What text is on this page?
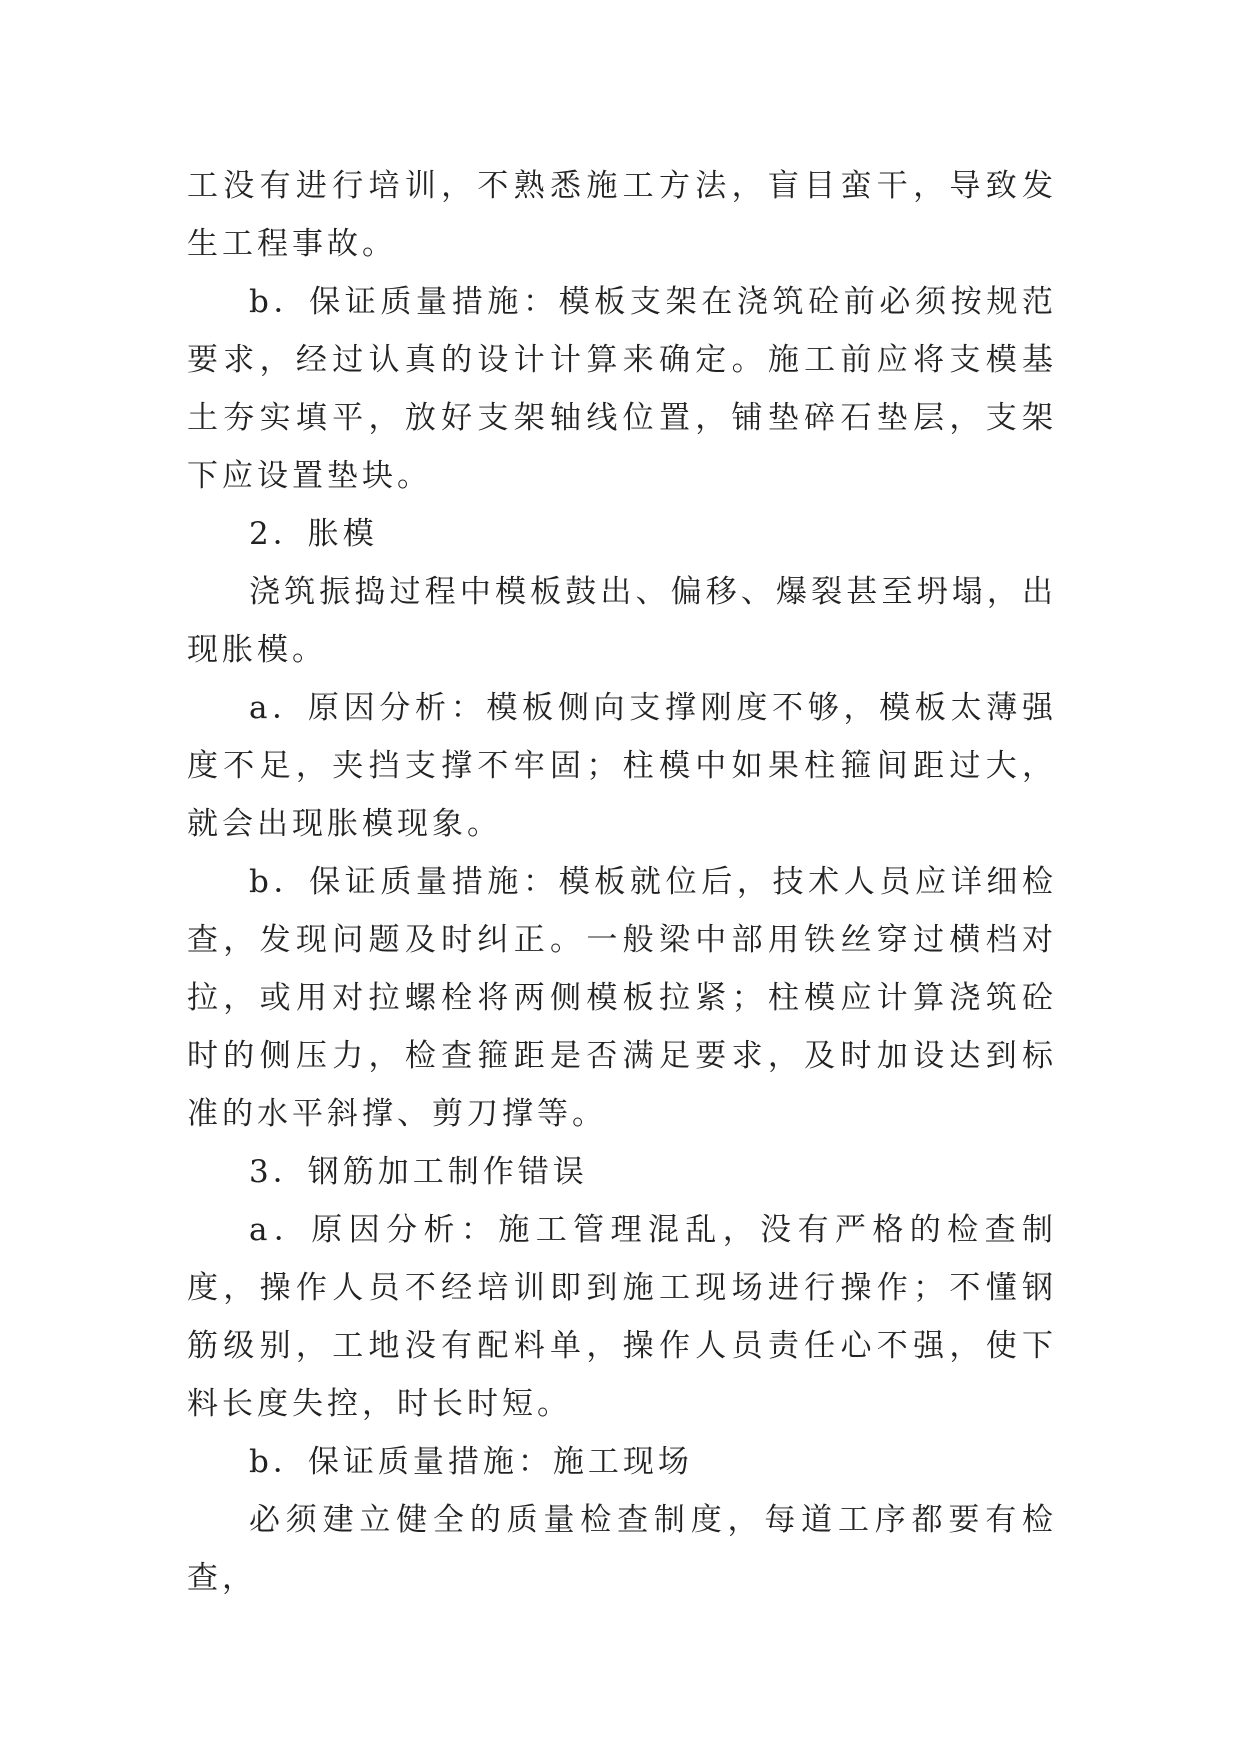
工没有进行培训，不熟悉施工方法，盲目蛮干，导致发生工程事故。

b．保证质量措施：模板支架在浇筑砼前必须按规范要求，经过认真的设计计算来确定。施工前应将支模基土夯实填平，放好支架轴线位置，铺垫碎石垫层，支架下应设置垫块。

2．胀模

浇筑振捣过程中模板鼓出、偏移、爆裂甚至坍塌，出现胀模。

a．原因分析：模板侧向支撑刚度不够，模板太薄强度不足，夹挡支撑不牢固；柱模中如果柱箍间距过大，就会出现胀模现象。

b．保证质量措施：模板就位后，技术人员应详细检查，发现问题及时纠正。一般梁中部用铁丝穿过横档对拉，或用对拉螺栓将两侧模板拉紧；柱模应计算浇筑砼时的侧压力，检查箍距是否满足要求，及时加设达到标准的水平斜撑、剪刀撑等。

3．钢筋加工制作错误

a．原因分析：施工管理混乱，没有严格的检查制度，操作人员不经培训即到施工现场进行操作；不懂钢筋级别，工地没有配料单，操作人员责任心不强，使下料长度失控，时长时短。

b．保证质量措施：施工现场

必须建立健全的质量检查制度，每道工序都要有检查，
